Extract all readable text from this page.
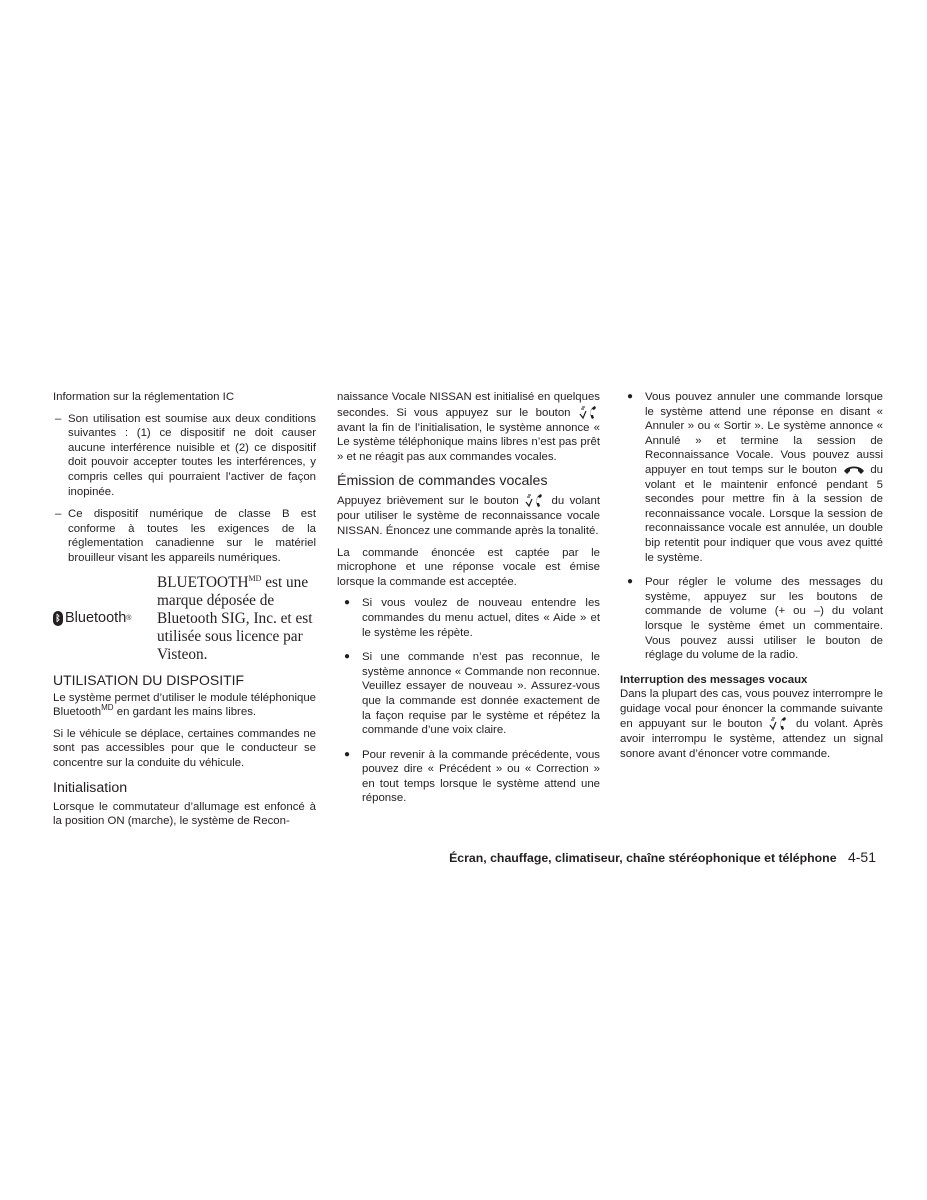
Information sur la réglementation IC

– Son utilisation est soumise aux deux conditions suivantes : (1) ce dispositif ne doit causer aucune interférence nuisible et (2) ce dispositif doit pouvoir accepter toutes les interférences, y compris celles qui pourraient l’activer de façon inopinée.
– Ce dispositif numérique de classe B est conforme à toutes les exigences de la réglementation canadienne sur le matériel brouilleur visant les appareils numériques.
ᛒ Bluetooth ®
$BLUETOOTH^{MD}$ est une marque déposée de Bluetooth SIG, Inc. et est utilisée sous licence par Visteon.
UTILISATION DU DISPOSITIF

Le système permet d’utiliser le module téléphonique Bluetooth$^{MD}$ en gardant les mains libres.

Si le véhicule se déplace, certaines commandes ne sont pas accessibles pour que le conducteur se concentre sur la conduite du véhicule.

Initialisation

Lorsque le commutateur d’allumage est enfoncé à la position ON (marche), le système de Recon-

naissance Vocale NISSAN est initialisé en quelques secondes. Si vous appuyez sur le bouton  avant la fin de l’initialisation, le système annonce « Le système téléphonique mains libres n’est pas prêt » et ne réagit pas aux commandes vocales.

Émission de commandes vocales

Appuyez brièvement sur le bouton	du volant pour utiliser le système de reconnaissance vocale NISSAN. Énoncez une commande après la tonalité.

La commande énoncée est captée par le microphone et une réponse vocale est émise lorsque la commande est acceptée.

● Si vous voulez de nouveau entendre les commandes du menu actuel, dites « Aide » et le système les répète.
● Si une commande n’est pas reconnue, le système annonce « Commande non reconnue. Veuillez essayer de nouveau ». Assurez-vous que la commande est donnée exactement de la façon requise par le système et répétez la commande d’une voix claire.
● Pour revenir à la commande précédente, vous pouvez dire « Précédent » ou « Correction » en tout temps lorsque le système attend une réponse.
● Vous pouvez annuler une commande lorsque le système attend une réponse en disant « Annuler » ou « Sortir ». Le système annonce « Annulé » et termine la session de Reconnaissance Vocale. Vous pouvez aussi appuyer en tout temps sur le bouton	du volant et le maintenir enfoncé pendant 5 secondes pour mettre fin à la session de reconnaissance vocale. Lorsque la session de reconnaissance vocale est annulée, un double bip retentit pour indiquer que vous avez quitté le système.
● Pour régler le volume des messages du système, appuyez sur les boutons de commande de volume (+ ou –) du volant lorsque le système émet un commentaire. Vous pouvez aussi utiliser le bouton de réglage du volume de la radio.
Interruption des messages vocaux

Dans la plupart des cas, vous pouvez interrompre le guidage vocal pour énoncer la commande suivante en appuyant sur le bouton	du volant. Après avoir interrompu le système, attendez un signal sonore avant d’énoncer votre commande.

Écran, chauffage, climatiseur, chaîne stéréophonique et téléphone 4-51
